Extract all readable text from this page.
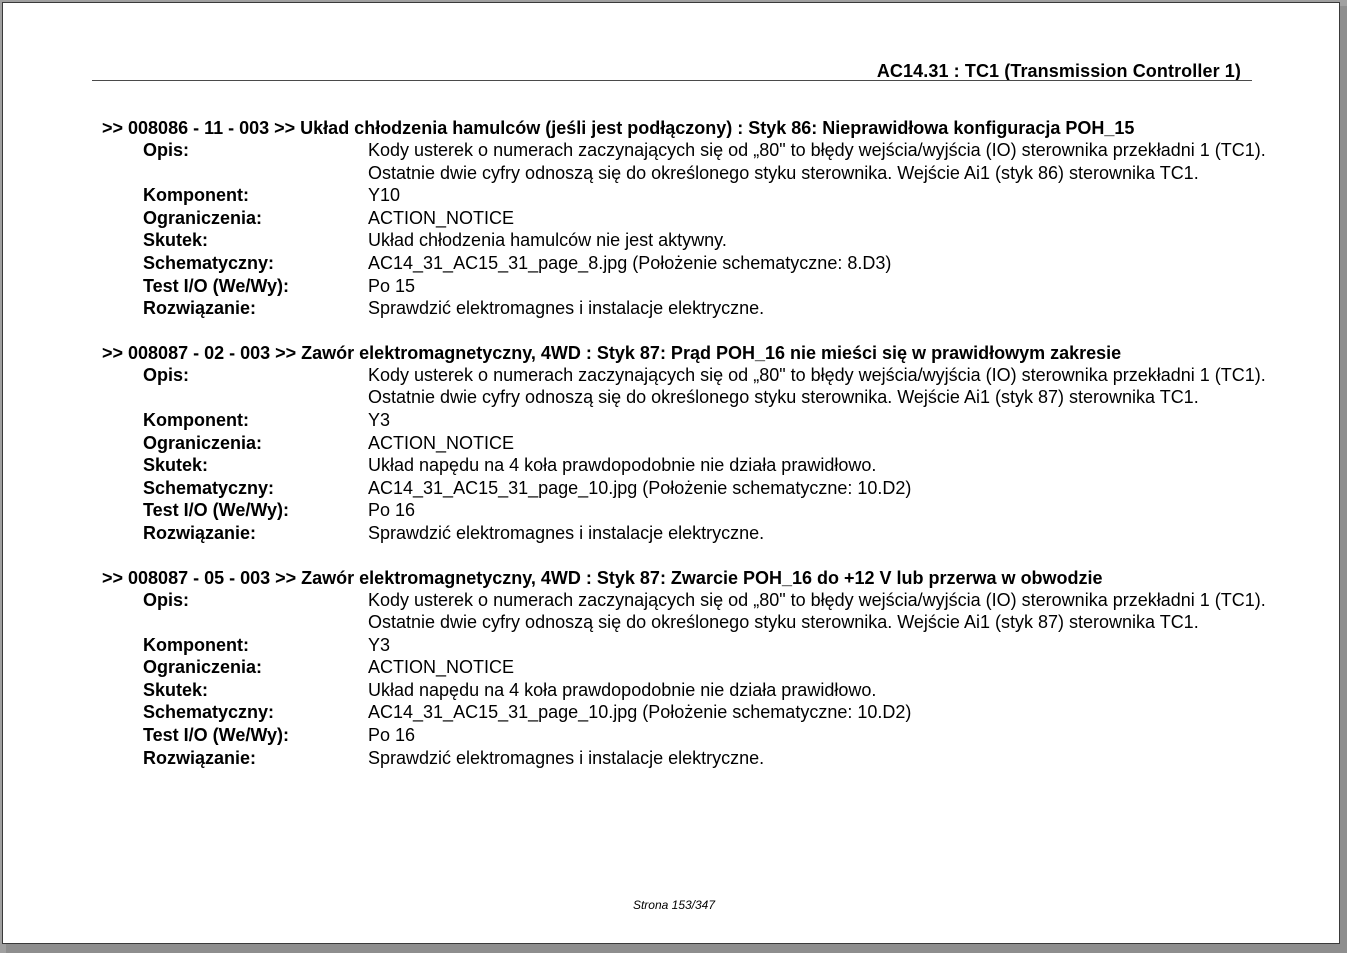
AC14.31 : TC1 (Transmission Controller 1)
>> 008086 - 11 - 003 >> Układ chłodzenia hamulców (jeśli jest podłączony) : Styk 86: Nieprawidłowa konfiguracja POH_15
Opis:	Kody usterek o numerach zaczynających się od „80" to błędy wejścia/wyjścia (IO) sterownika przekładni 1 (TC1). Ostatnie dwie cyfry odnoszą się do określonego styku sterownika. Wejście Ai1 (styk 86) sterownika TC1.
Komponent:	Y10
Ograniczenia:	ACTION_NOTICE
Skutek:	Układ chłodzenia hamulców nie jest aktywny.
Schematyczny:	AC14_31_AC15_31_page_8.jpg (Położenie schematyczne: 8.D3)
Test I/O (We/Wy):	Po 15
Rozwiązanie:	Sprawdzić elektromagnes i instalacje elektryczne.
>> 008087 - 02 - 003 >> Zawór elektromagnetyczny, 4WD : Styk 87: Prąd POH_16 nie mieści się w prawidłowym zakresie
Opis:	Kody usterek o numerach zaczynających się od „80" to błędy wejścia/wyjścia (IO) sterownika przekładni 1 (TC1). Ostatnie dwie cyfry odnoszą się do określonego styku sterownika. Wejście Ai1 (styk 87) sterownika TC1.
Komponent:	Y3
Ograniczenia:	ACTION_NOTICE
Skutek:	Układ napędu na 4 koła prawdopodobnie nie działa prawidłowo.
Schematyczny:	AC14_31_AC15_31_page_10.jpg (Położenie schematyczne: 10.D2)
Test I/O (We/Wy):	Po 16
Rozwiązanie:	Sprawdzić elektromagnes i instalacje elektryczne.
>> 008087 - 05 - 003 >> Zawór elektromagnetyczny, 4WD : Styk 87: Zwarcie POH_16 do +12 V lub przerwa w obwodzie
Opis:	Kody usterek o numerach zaczynających się od „80" to błędy wejścia/wyjścia (IO) sterownika przekładni 1 (TC1). Ostatnie dwie cyfry odnoszą się do określonego styku sterownika. Wejście Ai1 (styk 87) sterownika TC1.
Komponent:	Y3
Ograniczenia:	ACTION_NOTICE
Skutek:	Układ napędu na 4 koła prawdopodobnie nie działa prawidłowo.
Schematyczny:	AC14_31_AC15_31_page_10.jpg (Położenie schematyczne: 10.D2)
Test I/O (We/Wy):	Po 16
Rozwiązanie:	Sprawdzić elektromagnes i instalacje elektryczne.
Strona 153/347
